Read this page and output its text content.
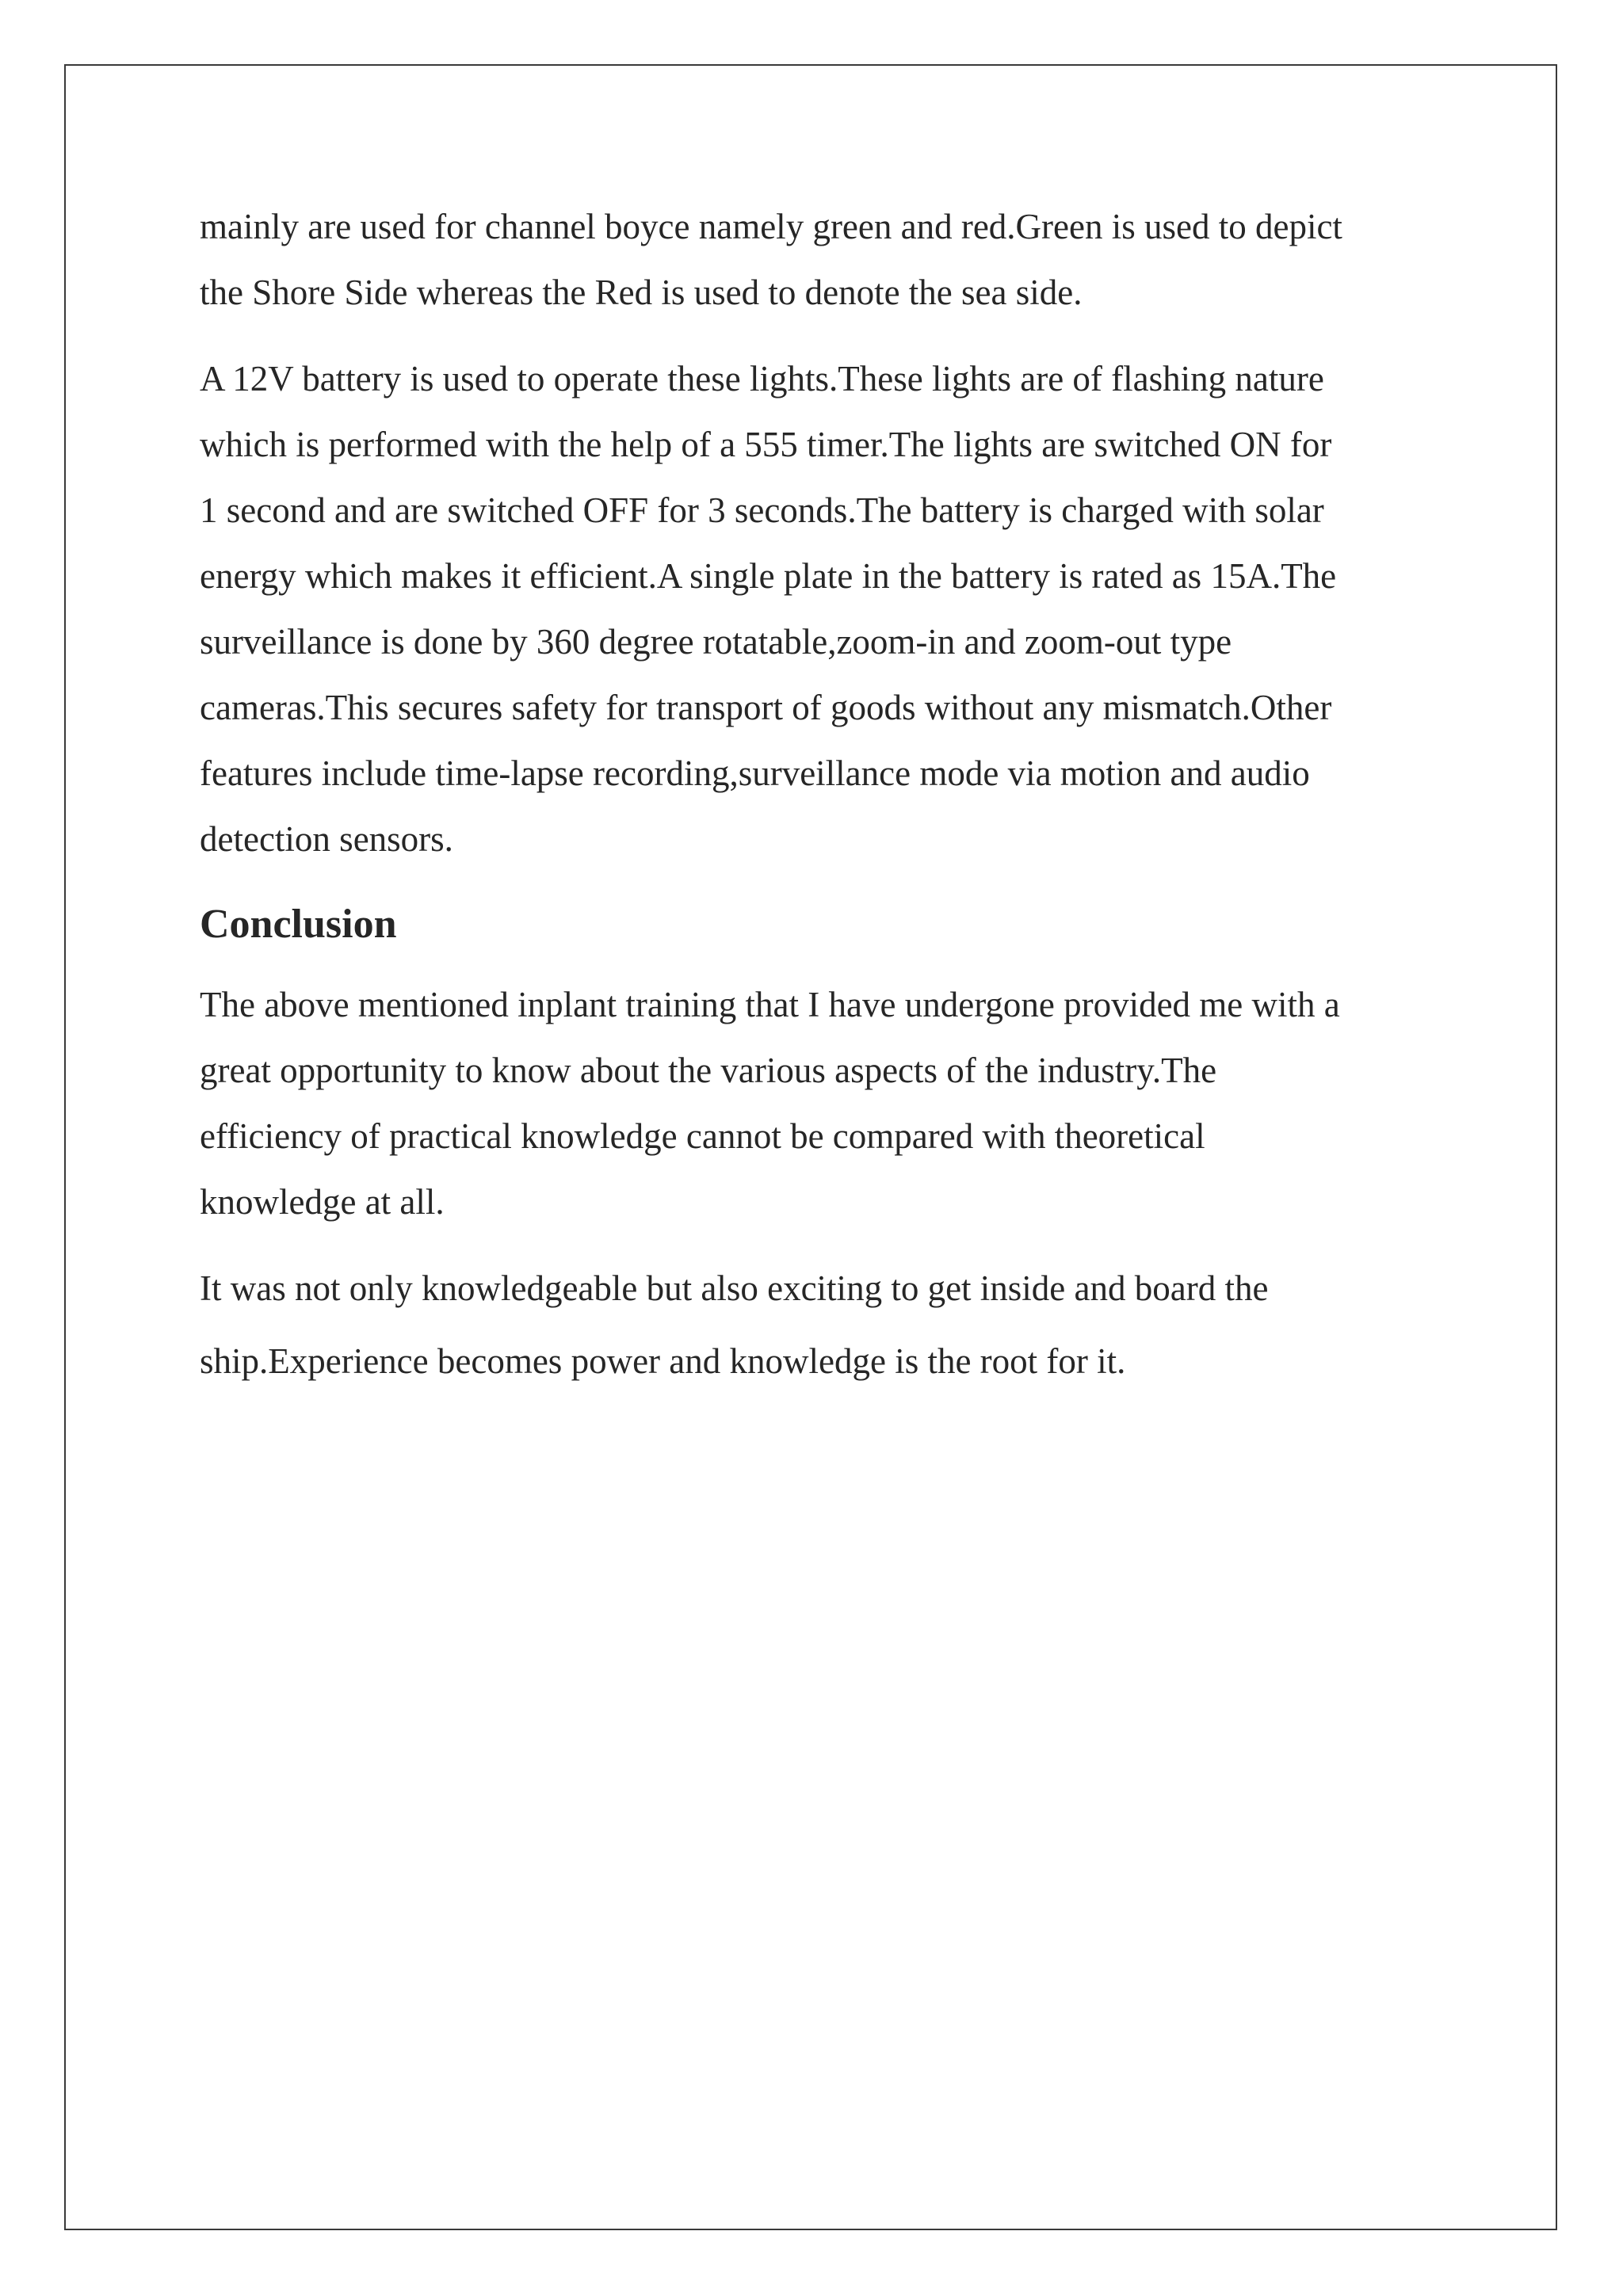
mainly are used for channel boyce namely green and red.Green is used to depict

the Shore Side whereas the Red is used to denote the sea side.

A 12V battery is used to operate these lights.These lights are of flashing nature

which is performed with the help of a 555 timer.The lights are switched ON for

1 second and are switched OFF for 3 seconds.The battery is charged with solar

energy which makes it efficient.A single plate in the battery is rated as 15A.The

surveillance is done by 360 degree rotatable,zoom-in and zoom-out type

cameras.This secures safety for transport of goods without any mismatch.Other

features include time-lapse recording,surveillance mode via motion and audio

detection sensors.

Conclusion

The above mentioned inplant training that I have undergone provided me with a

great opportunity to know about the various aspects of the industry.The

efficiency of practical knowledge cannot be compared with theoretical

knowledge at all.

It was not only knowledgeable but also exciting to get inside and board the

ship.Experience becomes power and knowledge is the root for it.
